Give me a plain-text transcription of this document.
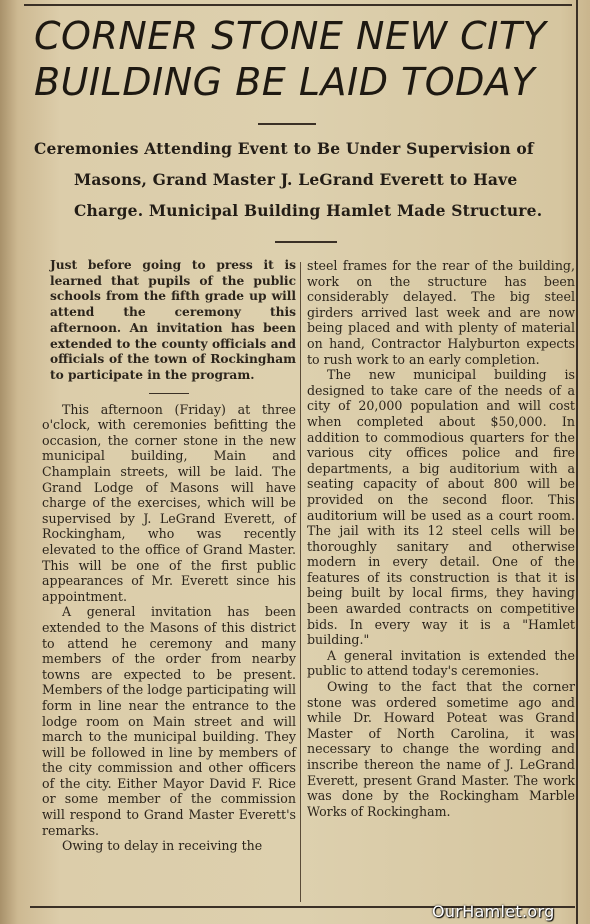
CORNER STONE NEW CITY
BUILDING BE LAID TODAY
Ceremonies Attending Event to Be Under Supervision of
Masons, Grand Master J. LeGrand Everett to Have
Charge. Municipal Building Hamlet Made Structure.

Just before going to press it is learned that pupils of the public schools from the fifth grade up will attend the ceremony this afternoon. An invitation has been extended to the county officials and officials of the town of Rockingham to participate in the program.

This afternoon (Friday) at three o'clock, with ceremonies befitting the occasion, the corner stone in the new municipal building, Main and Champlain streets, will be laid. The Grand Lodge of Masons will have charge of the exercises, which will be supervised by J. LeGrand Everett, of Rockingham, who was recently elevated to the office of Grand Master. This will be one of the first public appearances of Mr. Everett since his appointment.

A general invitation has been extended to the Masons of this district to attend he ceremony and many members of the order from nearby towns are expected to be present. Members of the lodge participating will form in line near the entrance to the lodge room on Main street and will march to the municipal building. They will be followed in line by members of the city commission and other officers of the city. Either Mayor David F. Rice or some member of the commission will respond to Grand Master Everett's remarks.

Owing to delay in receiving the

steel frames for the rear of the building, work on the structure has been considerably delayed. The big steel girders arrived last week and are now being placed and with plenty of material on hand, Contractor Halyburton expects to rush work to an early completion.

The new municipal building is designed to take care of the needs of a city of 20,000 population and will cost when completed about $50,000. In addition to commodious quarters for the various city offices police and fire departments, a big auditorium with a seating capacity of about 800 will be provided on the second floor. This auditorium will be used as a court room. The jail with its 12 steel cells will be thoroughly sanitary and otherwise modern in every detail. One of the features of its construction is that it is being built by local firms, they having been awarded contracts on competitive bids. In every way it is a "Hamlet building."

A general invitation is extended the public to attend today's ceremonies.

Owing to the fact that the corner stone was ordered sometime ago and while Dr. Howard Poteat was Grand Master of North Carolina, it was necessary to change the wording and inscribe thereon the name of J. LeGrand Everett, present Grand Master. The work was done by the Rockingham Marble Works of Rockingham.

OurHamlet.org
